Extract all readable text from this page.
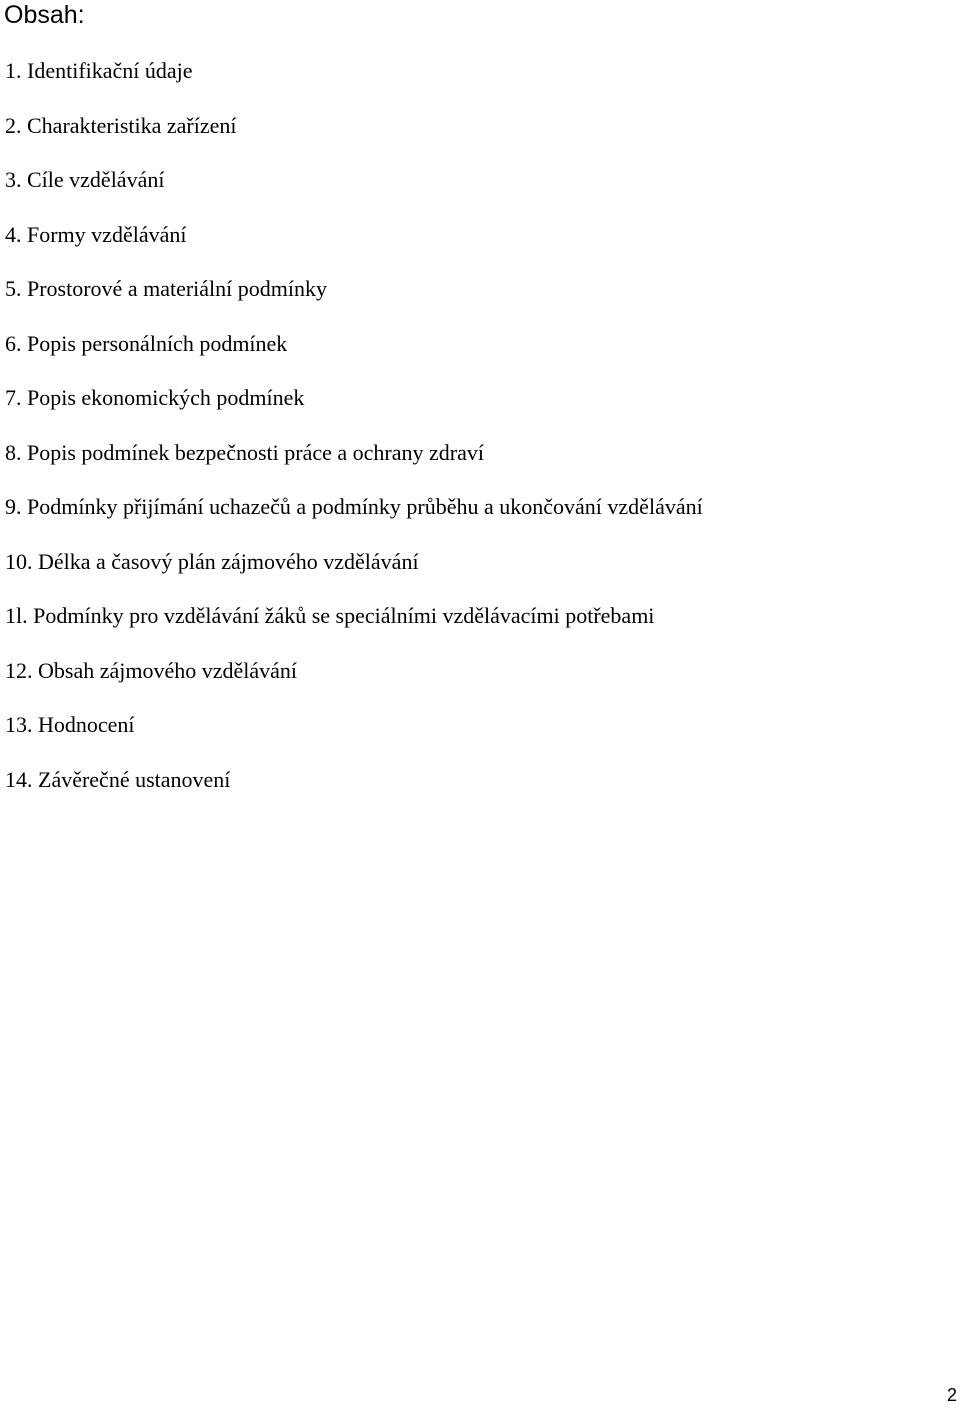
Obsah:
1. Identifikační údaje
2. Charakteristika zařízení
3. Cíle vzdělávání
4. Formy vzdělávání
5. Prostorové a materiální podmínky
6. Popis personálních podmínek
7. Popis ekonomických podmínek
8. Popis podmínek bezpečnosti práce a ochrany zdraví
9. Podmínky přijímání uchazečů a podmínky průběhu a ukončování vzdělávání
10. Délka a časový plán zájmového vzdělávání
1l. Podmínky pro vzdělávání žáků se speciálními vzdělávacími potřebami
12. Obsah zájmového vzdělávání
13. Hodnocení
14. Závěrečné ustanovení
2
